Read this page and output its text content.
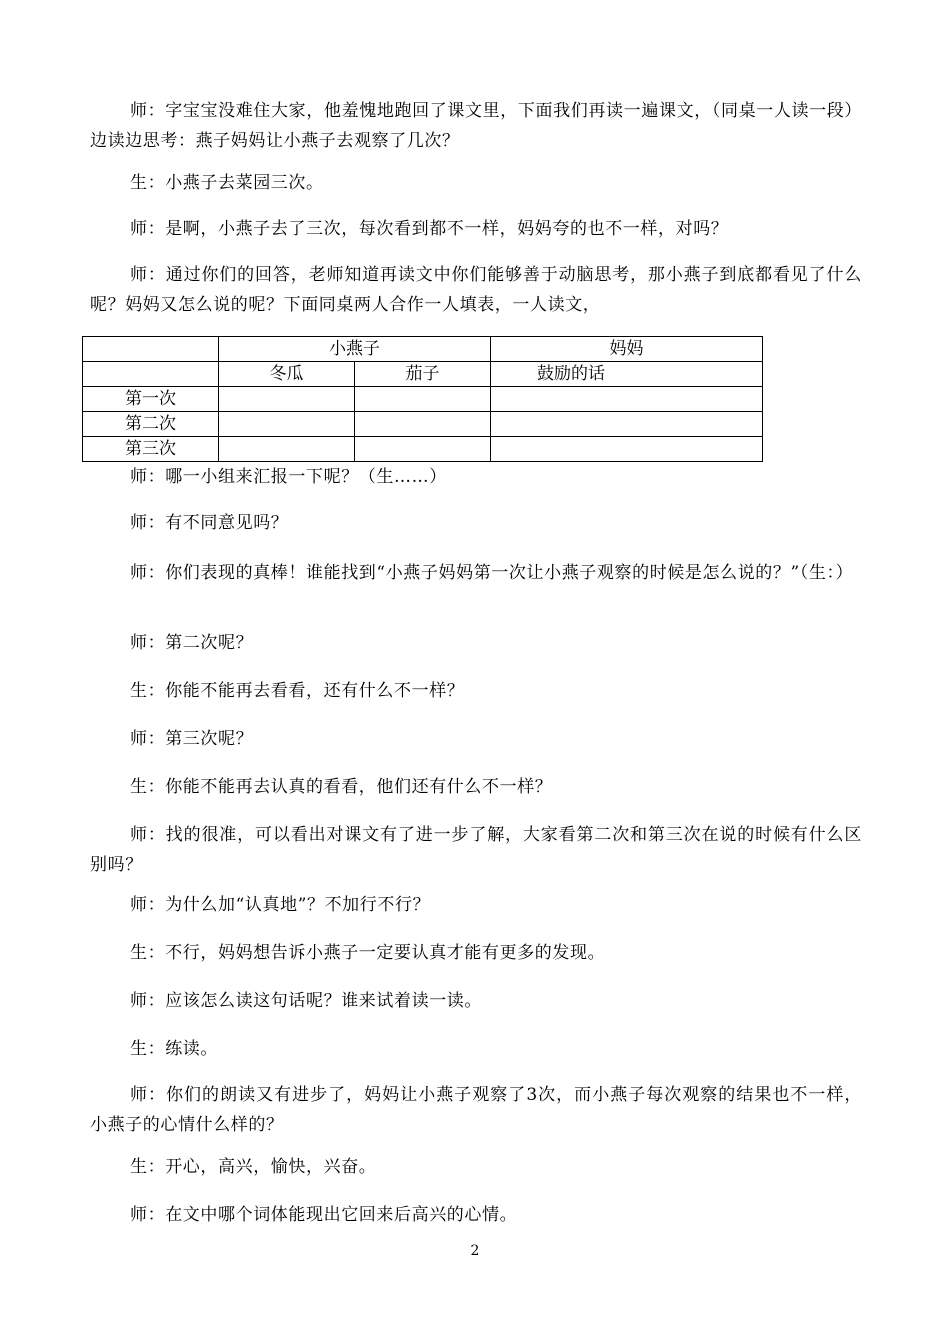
师：字宝宝没难住大家，他羞愧地跑回了课文里，下面我们再读一遍课文，（同桌一人读一段）边读边思考：燕子妈妈让小燕子去观察了几次？

生：小燕子去菜园三次。

师：是啊，小燕子去了三次，每次看到都不一样，妈妈夸的也不一样，对吗？

师：通过你们的回答，老师知道再读文中你们能够善于动脑思考，那小燕子到底都看见了什么呢？妈妈又怎么说的呢？下面同桌两人合作一人填表，一人读文，

	小燕子		妈妈
	冬瓜	茄子	鼓励的话
第一次			
第二次			
第三次			

师：哪一小组来汇报一下呢？（生……）

师：有不同意见吗？

师：你们表现的真棒！谁能找到“小燕子妈妈第一次让小燕子观察的时候是怎么说的？”（生：）

师：第二次呢？

生：你能不能再去看看，还有什么不一样？

师：第三次呢？

生：你能不能再去认真的看看，他们还有什么不一样？

师：找的很准，可以看出对课文有了进一步了解，大家看第二次和第三次在说的时候有什么区别吗？

师：为什么加“认真地”？不加行不行？

生：不行，妈妈想告诉小燕子一定要认真才能有更多的发现。

师：应该怎么读这句话呢？谁来试着读一读。

生：练读。

师：你们的朗读又有进步了，妈妈让小燕子观察了3次，而小燕子每次观察的结果也不一样，小燕子的心情什么样的？

生：开心，高兴，愉快，兴奋。

师：在文中哪个词体能现出它回来后高兴的心情。

2
